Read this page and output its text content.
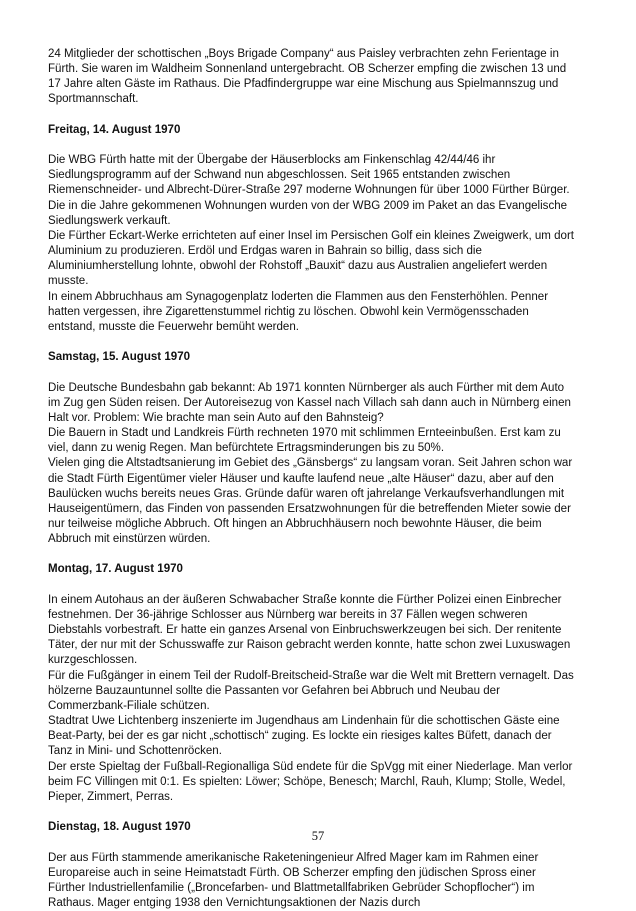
24 Mitglieder der schottischen „Boys Brigade Company“ aus Paisley verbrachten zehn Ferientage in Fürth. Sie waren im Waldheim Sonnenland untergebracht. OB Scherzer empfing die zwischen 13 und 17 Jahre alten Gäste im Rathaus. Die Pfadfindergruppe war eine Mischung aus Spielmannszug und Sportmannschaft.

Freitag, 14. August 1970

Die WBG Fürth hatte mit der Übergabe der Häuserblocks am Finkenschlag 42/44/46 ihr Siedlungsprogramm auf der Schwand nun abgeschlossen. Seit 1965 entstanden zwischen Riemenschneider- und Albrecht-Dürer-Straße 297 moderne Wohnungen für über 1000 Fürther Bürger. Die in die Jahre gekommenen Wohnungen wurden von der WBG 2009 im Paket an das Evangelische Siedlungswerk verkauft.

Die Fürther Eckart-Werke errichteten auf einer Insel im Persischen Golf ein kleines Zweigwerk, um dort Aluminium zu produzieren. Erdöl und Erdgas waren in Bahrain so billig, dass sich die Aluminiumherstellung lohnte, obwohl der Rohstoff „Bauxit“ dazu aus Australien angeliefert werden musste.

In einem Abbruchhaus am Synagogenplatz loderten die Flammen aus den Fensterhöhlen. Penner hatten vergessen, ihre Zigarettenstummel richtig zu löschen. Obwohl kein Vermögensschaden entstand, musste die Feuerwehr bemüht werden.

Samstag, 15. August 1970

Die Deutsche Bundesbahn gab bekannt: Ab 1971 konnten Nürnberger als auch Fürther mit dem Auto im Zug gen Süden reisen. Der Autoreisezug von Kassel nach Villach sah dann auch in Nürnberg einen Halt vor. Problem: Wie brachte man sein Auto auf den Bahnsteig?

Die Bauern in Stadt und Landkreis Fürth rechneten 1970 mit schlimmen Ernteeinbußen. Erst kam zu viel, dann zu wenig Regen. Man befürchtete Ertragsminderungen bis zu 50%.

Vielen ging die Altstadtsanierung im Gebiet des „Gänsbergs“ zu langsam voran. Seit Jahren schon war die Stadt Fürth Eigentümer vieler Häuser und kaufte laufend neue „alte Häuser“ dazu, aber auf den Baulücken wuchs bereits neues Gras. Gründe dafür waren oft jahrelange Verkaufsverhandlungen mit Hauseigentümern, das Finden von passenden Ersatzwohnungen für die betreffenden Mieter sowie der nur teilweise mögliche Abbruch. Oft hingen an Abbruchhäusern noch bewohnte Häuser, die beim Abbruch mit einstürzen würden.

Montag, 17. August 1970

In einem Autohaus an der äußeren Schwabacher Straße konnte die Fürther Polizei einen Einbrecher festnehmen. Der 36-jährige Schlosser aus Nürnberg war bereits in 37 Fällen wegen schweren Diebstahls vorbestraft. Er hatte ein ganzes Arsenal von Einbruchswerkzeugen bei sich. Der renitente Täter, der nur mit der Schusswaffe zur Raison gebracht werden konnte, hatte schon zwei Luxuswagen kurzgeschlossen.

Für die Fußgänger in einem Teil der Rudolf-Breitscheid-Straße war die Welt mit Brettern vernagelt. Das hölzerne Bauzauntunnel sollte die Passanten vor Gefahren bei Abbruch und Neubau der Commerzbank-Filiale schützen.

Stadtrat Uwe Lichtenberg inszenierte im Jugendhaus am Lindenhain für die schottischen Gäste eine Beat-Party, bei der es gar nicht „schottisch“ zuging. Es lockte ein riesiges kaltes Büfett, danach der Tanz in Mini- und Schottenröcken.

Der erste Spieltag der Fußball-Regionalliga Süd endete für die SpVgg mit einer Niederlage. Man verlor beim FC Villingen mit 0:1. Es spielten: Löwer; Schöpe, Benesch; Marchl, Rauh, Klump; Stolle, Wedel, Pieper, Zimmert, Perras.

Dienstag, 18. August 1970

Der aus Fürth stammende amerikanische Raketeningenieur Alfred Mager kam im Rahmen einer Europareise auch in seine Heimatstadt Fürth. OB Scherzer empfing den jüdischen Spross einer Fürther Industriellenfamilie („Broncefarben- und Blattmetallfabriken Gebrüder Schopflocher“) im Rathaus. Mager entging 1938 den Vernichtungsaktionen der Nazis durch

57
